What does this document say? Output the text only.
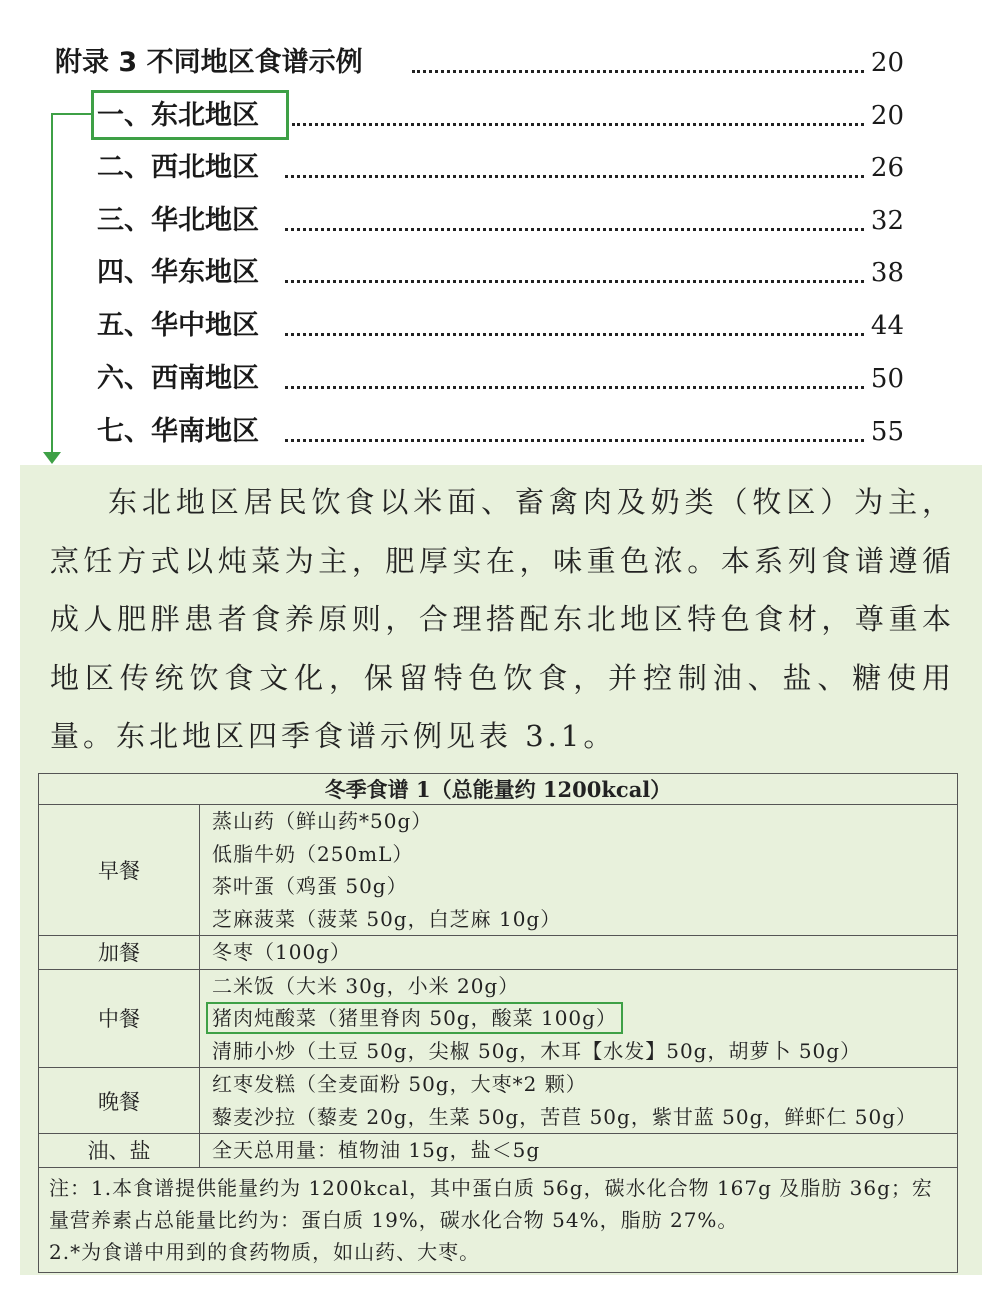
附录 3 不同地区食谱示例	20
一、东北地区	20
二、西北地区	26
三、华北地区	32
四、华东地区	38
五、华中地区	44
六、西南地区	50
七、华南地区	55

东北地区居民饮食以米面、畜禽肉及奶类（牧区）为主，烹饪方式以炖菜为主，肥厚实在，味重色浓。本系列食谱遵循成人肥胖患者食养原则，合理搭配东北地区特色食材，尊重本地区传统饮食文化，保留特色饮食，并控制油、盐、糖使用量。东北地区四季食谱示例见表 3.1。

冬季食谱 1（总能量约 1200kcal）	
早餐	蒸山药（鲜山药*50g）
低脂牛奶（250mL）
茶叶蛋（鸡蛋 50g）
芝麻菠菜（菠菜 50g，白芝麻 10g）

加餐	冬枣（100g）

中餐	二米饭（大米 30g，小米 20g）
猪肉炖酸菜（猪里脊肉 50g，酸菜 100g）
清肺小炒（土豆 50g，尖椒 50g，木耳【水发】50g，胡萝卜 50g）

晚餐	红枣发糕（全麦面粉 50g，大枣*2 颗）
藜麦沙拉（藜麦 20g，生菜 50g，苦苣 50g，紫甘蓝 50g，鲜虾仁 50g）

油、盐	全天总用量：植物油 15g，盐＜5g

注：1.本食谱提供能量约为 1200kcal，其中蛋白质 56g，碳水化合物 167g 及脂肪 36g；宏量营养素占总能量比约为：蛋白质 19%，碳水化合物 54%，脂肪 27%。
2.*为食谱中用到的食药物质，如山药、大枣。	
